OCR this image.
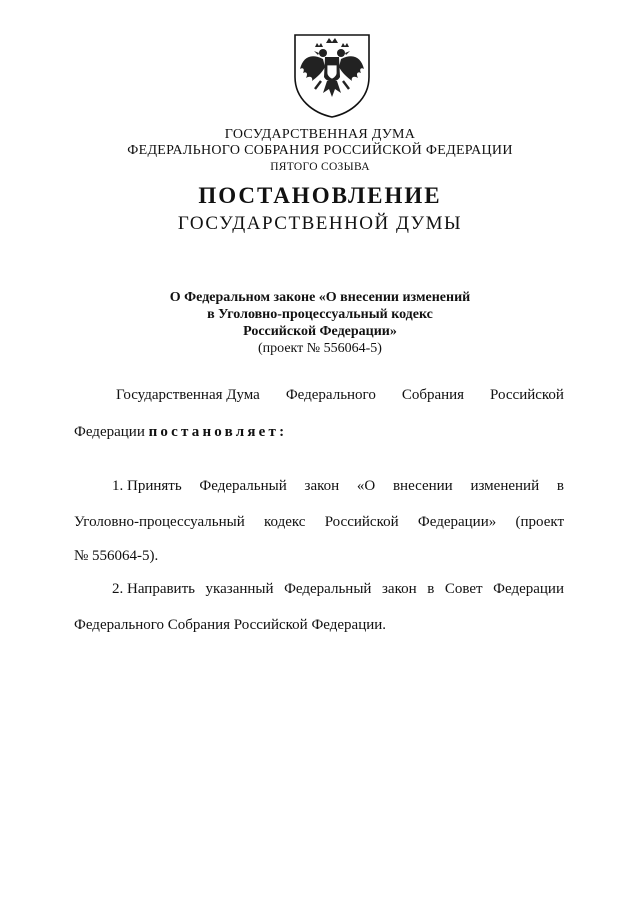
ГОСУДАРСТВЕННАЯ ДУМА
ФЕДЕРАЛЬНОГО СОБРАНИЯ РОССИЙСКОЙ ФЕДЕРАЦИИ
ПЯТОГО СОЗЫВА
ПОСТАНОВЛЕНИЕ
ГОСУДАРСТВЕННОЙ ДУМЫ
О Федеральном законе «О внесении изменений
в Уголовно-процессуальный кодекс
Российской Федерации»
(проект № 556064-5)
Государственная Дума Федерального Собрания Российской
Федерации постановляет:
1. Принять Федеральный закон «О внесении изменений в
Уголовно-процессуальный кодекс Российской Федерации» (проект
№ 556064-5).
2. Направить указанный Федеральный закон в Совет Федерации
Федерального Собрания Российской Федерации.
